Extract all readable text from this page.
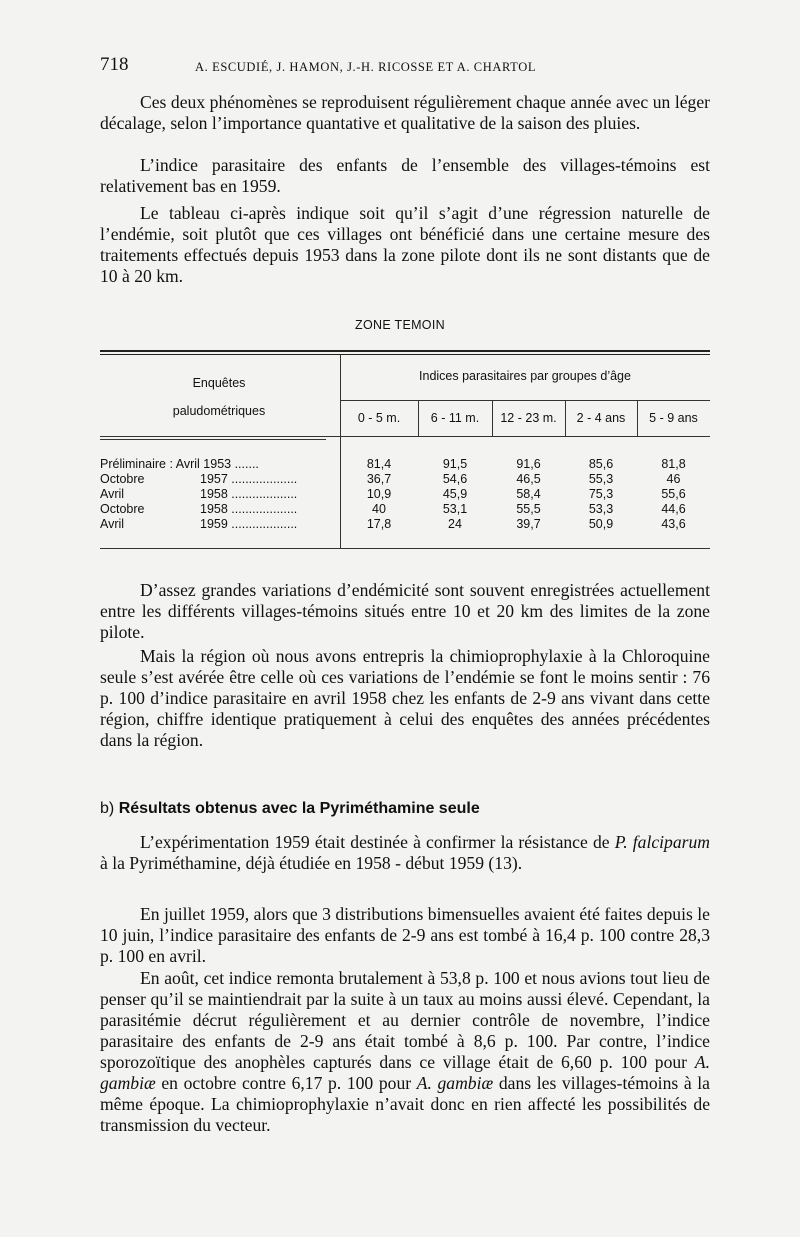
718	A. ESCUDIÉ, J. HAMON, J.-H. RICOSSE ET A. CHARTOL

Ces deux phénomènes se reproduisent régulièrement chaque année avec un léger décalage, selon l’importance quantative et qualitative de la saison des pluies.

L’indice parasitaire des enfants de l’ensemble des villages-témoins est relativement bas en 1959.

Le tableau ci-après indique soit qu’il s’agit d’une régression naturelle de l’endémie, soit plutôt que ces villages ont bénéficié dans une certaine mesure des traitements effectués depuis 1953 dans la zone pilote dont ils ne sont distants que de 10 à 20 km.

ZONE TEMOIN
Enquêtes
paludométriques
Indices parasitaires par groupes d’âge
0 - 5 m.	6 - 11 m.	12 - 23 m.	2 - 4 ans	5 - 9 ans
Préliminaire : Avril 1953 .......	81,4	91,5	91,6	85,6	81,8
Octobre	1957 ...................	36,7	54,6	46,5	55,3	46
Avril	1958 ...................	10,9	45,9	58,4	75,3	55,6
Octobre	1958 ...................	40	53,1	55,5	53,3	44,6
Avril	1959 ...................	17,8	24	39,7	50,9	43,6

D’assez grandes variations d’endémicité sont souvent enregistrées actuellement entre les différents villages-témoins situés entre 10 et 20 km des limites de la zone pilote.

Mais la région où nous avons entrepris la chimioprophylaxie à la Chloroquine seule s’est avérée être celle où ces variations de l’endémie se font le moins sentir : 76 p. 100 d’indice parasitaire en avril 1958 chez les enfants de 2-9 ans vivant dans cette région, chiffre identique pratiquement à celui des enquêtes des années précédentes dans la région.

b) Résultats obtenus avec la Pyriméthamine seule

L’expérimentation 1959 était destinée à confirmer la résistance de P. falciparum à la Pyriméthamine, déjà étudiée en 1958 - début 1959 (13).

En juillet 1959, alors que 3 distributions bimensuelles avaient été faites depuis le 10 juin, l’indice parasitaire des enfants de 2-9 ans est tombé à 16,4 p. 100 contre 28,3 p. 100 en avril.

En août, cet indice remonta brutalement à 53,8 p. 100 et nous avions tout lieu de penser qu’il se maintiendrait par la suite à un taux au moins aussi élevé. Cependant, la parasitémie décrut régulièrement et au dernier contrôle de novembre, l’indice parasitaire des enfants de 2-9 ans était tombé à 8,6 p. 100. Par contre, l’indice sporozoïtique des anophèles capturés dans ce village était de 6,60 p. 100 pour A. gambiæ en octobre contre 6,17 p. 100 pour A. gambiæ dans les villages-témoins à la même époque. La chimioprophylaxie n’avait donc en rien affecté les possibilités de transmission du vecteur.
